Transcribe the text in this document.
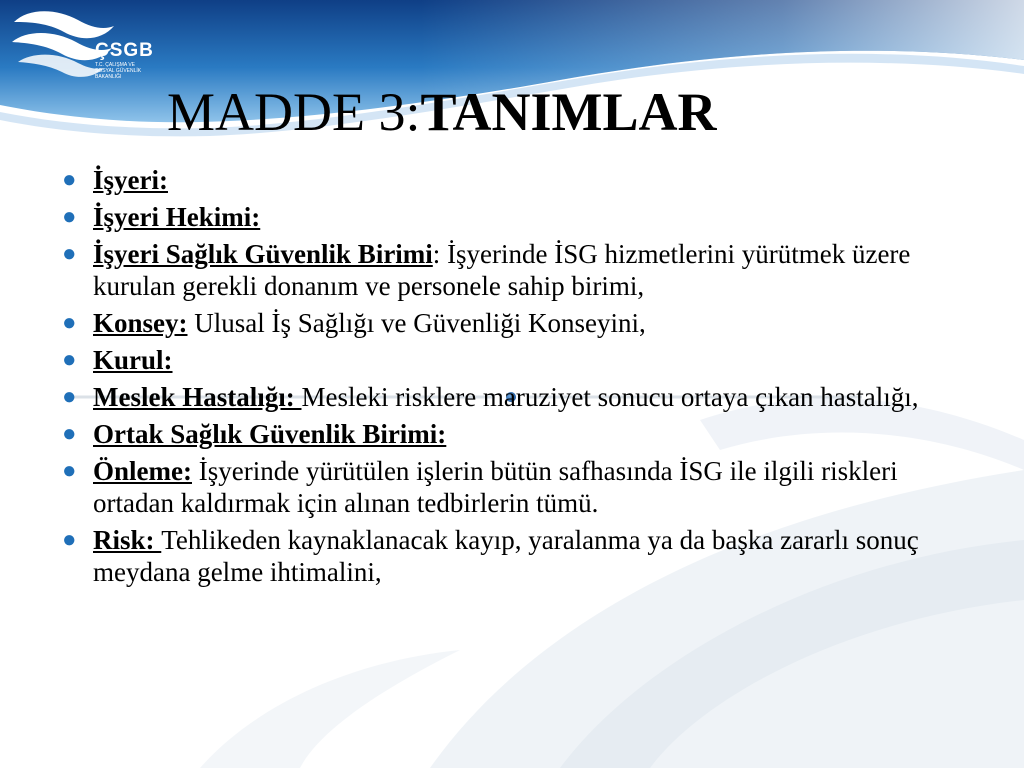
ÇSGB
T.C. ÇALIŞMA VE
SOSYAL GÜVENLİK
BAKANLIĞI
MADDE 3:TANIMLAR
● İşyeri:
● İşyeri Hekimi:
● İşyeri Sağlık Güvenlik Birimi: İşyerinde İSG hizmetlerini yürütmek üzere kurulan gerekli donanım ve personele sahip birimi,
● Konsey: Ulusal İş Sağlığı ve Güvenliği Konseyini,
● Kurul:
● Meslek Hastalığı: Mesleki risklere maruziyet sonucu ortaya çıkan hastalığı,
● Ortak Sağlık Güvenlik Birimi:
● Önleme: İşyerinde yürütülen işlerin bütün safhasında İSG ile ilgili riskleri ortadan kaldırmak için alınan tedbirlerin tümü.
● Risk: Tehlikeden kaynaklanacak kayıp, yaralanma ya da başka zararlı sonuç meydana gelme ihtimalini,
